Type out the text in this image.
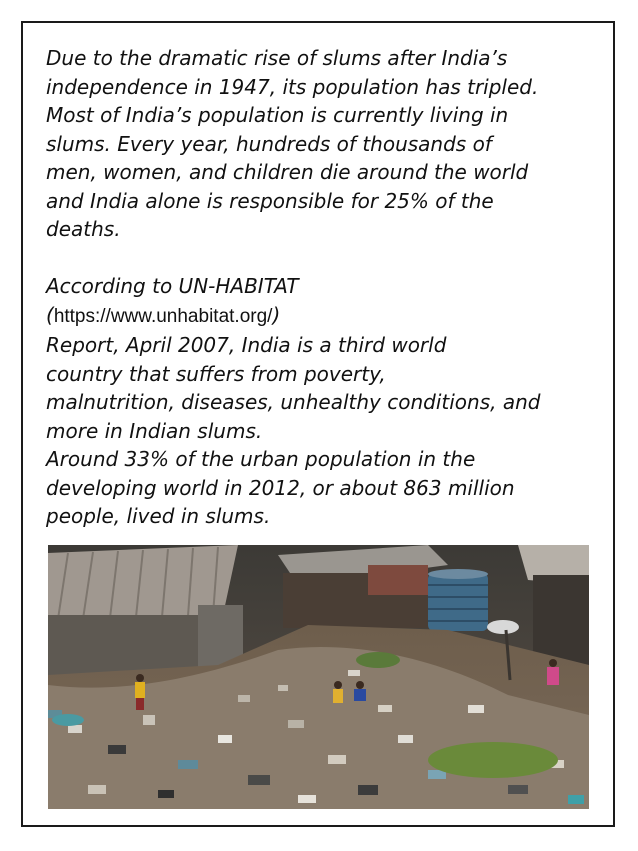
Due to the dramatic rise of slums after India’s
independence in 1947, its population has tripled.
Most of India’s population is currently living in
slums. Every year, hundreds of thousands of
men, women, and children die around the world
and India alone is responsible for 25% of the
deaths.
According to UN-HABITAT
(https://www.unhabitat.org/)
Report, April 2007, India is a third world
country that suffers from poverty,
malnutrition, diseases, unhealthy conditions, and
more in Indian slums.
Around 33% of the urban population in the
developing world in 2012, or about 863 million
people, lived in slums.
